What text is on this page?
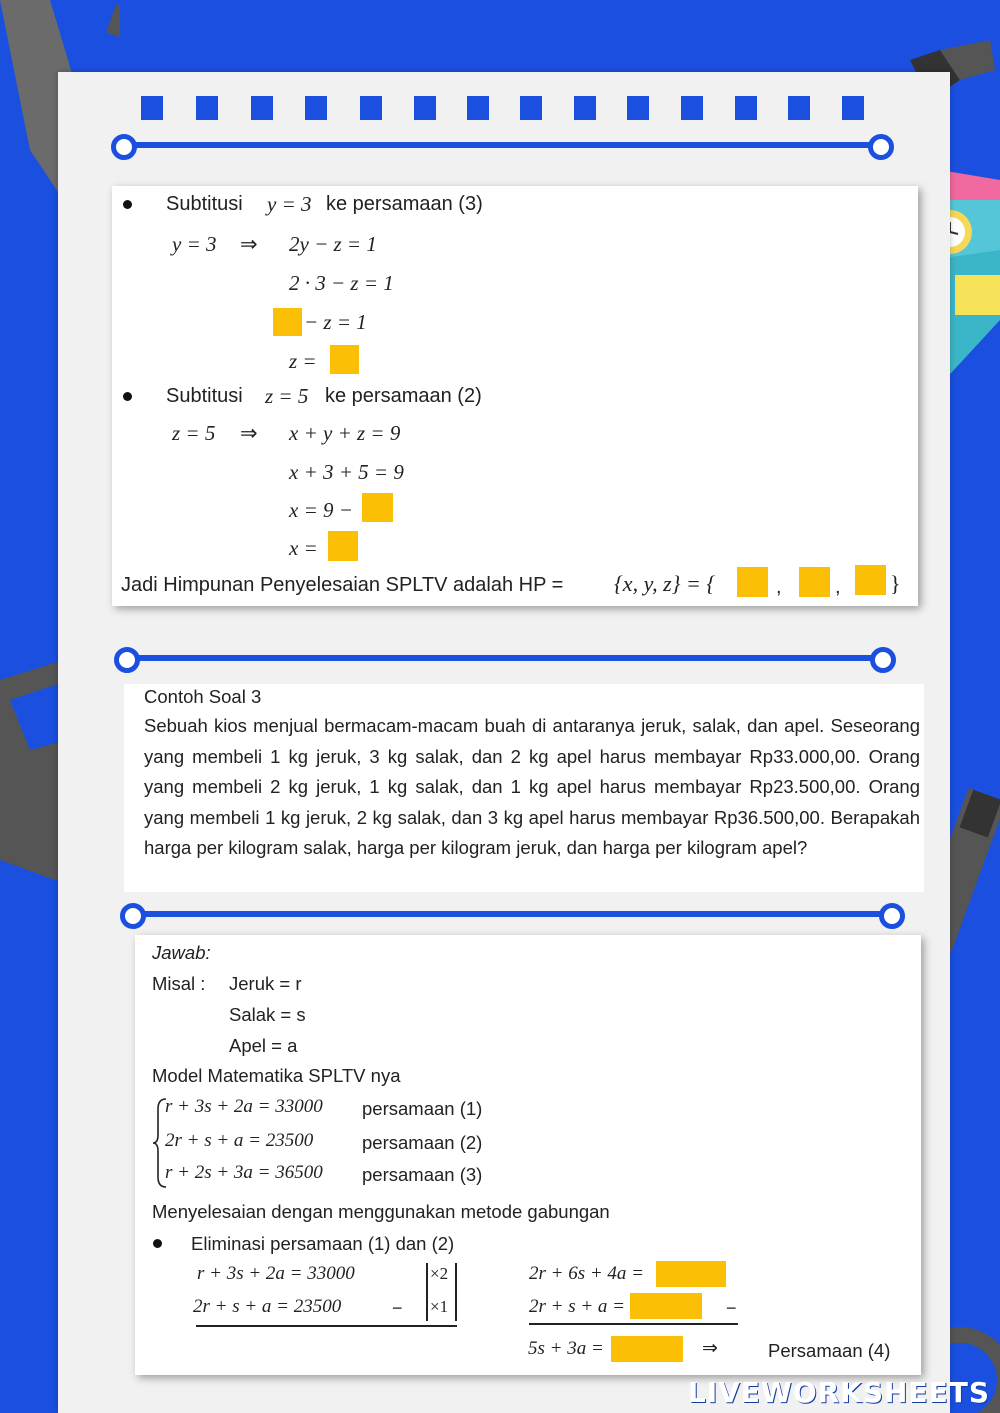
Subtitusi y = 3 ke persamaan (3)
y = 3 ⇒ 2y − z = 1
2 · 3 − z = 1
− z = 1
z =
Subtitusi z = 5 ke persamaan (2)
z = 5 ⇒ x + y + z = 9
x + 3 + 5 = 9
x = 9 −
x =
Jadi Himpunan Penyelesaian SPLTV adalah HP = {x, y, z} = {	,	, }
Contoh Soal 3
Sebuah kios menjual bermacam-macam buah di antaranya jeruk, salak, dan apel. Seseorang yang membeli 1 kg jeruk, 3 kg salak, dan 2 kg apel harus membayar Rp33.000,00. Orang yang membeli 2 kg jeruk, 1 kg salak, dan 1 kg apel harus membayar Rp23.500,00. Orang yang membeli 1 kg jeruk, 2 kg salak, dan 3 kg apel harus membayar Rp36.500,00. Berapakah harga per kilogram salak, harga per kilogram jeruk, dan harga per kilogram apel?
Jawab:
Misal : Jeruk = r
Salak = s
Apel = a
Model Matematika SPLTV nya
r + 3s + 2a = 33000 persamaan (1)
2r + s + a = 23500	persamaan (2)
r + 2s + 3a = 36500 persamaan (3)
Menyelesaian dengan menggunakan metode gabungan
Eliminasi persamaan (1) dan (2)
r + 3s + 2a = 33000
2r + s + a = 23500	−
×2
×1
2r + 6s + 4a =
2r + s + a =	−
5s + 3a =	⇒	Persamaan (4)
LIVEWORKSHEETS
